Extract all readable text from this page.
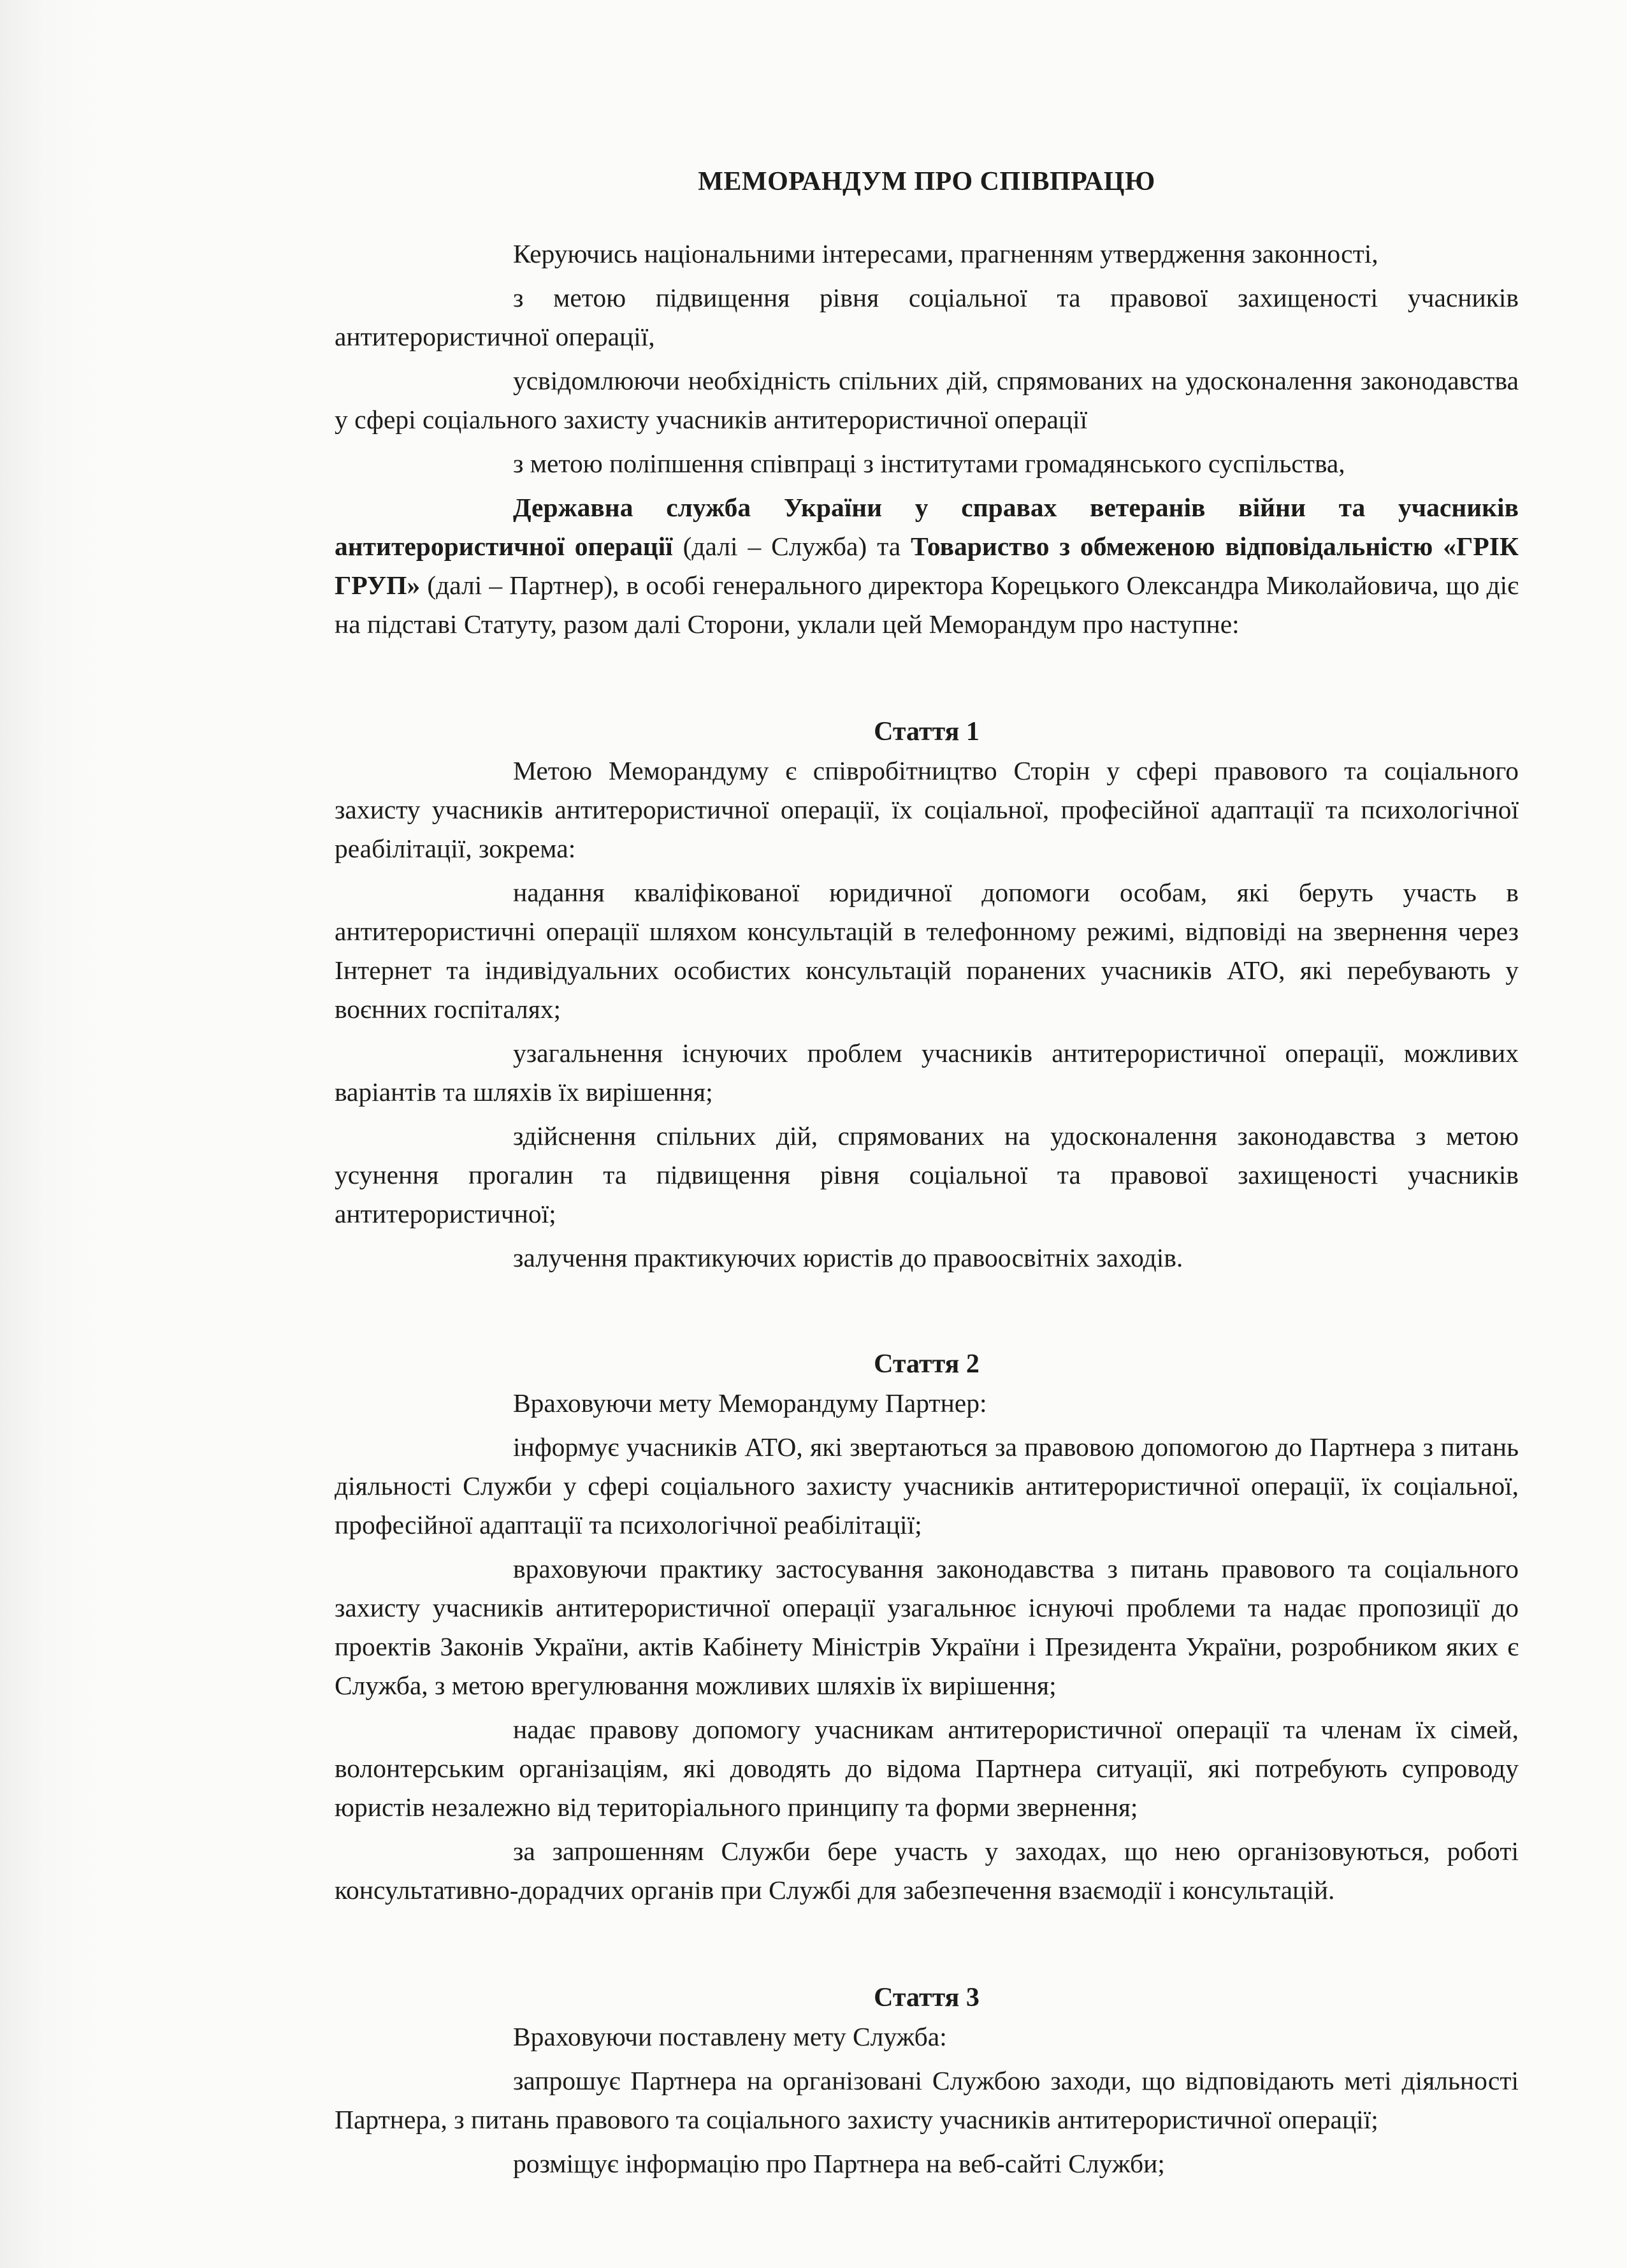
МЕМОРАНДУМ ПРО СПІВПРАЦЮ

Керуючись національними інтересами, прагненням утвердження законності,

з метою підвищення рівня соціальної та правової захищеності учасників антитерористичної операції,

усвідомлюючи необхідність спільних дій, спрямованих на удосконалення законодавства у сфері соціального захисту учасників антитерористичної операції

з метою поліпшення співпраці з інститутами громадянського суспільства,

Державна служба України у справах ветеранів війни та учасників антитерористичної операції (далі – Служба) та Товариство з обмеженою відповідальністю «ГРІК ГРУП» (далі – Партнер), в особі генерального директора Корецького Олександра Миколайовича, що діє на підставі Статуту, разом далі Сторони, уклали цей Меморандум про наступне:

Стаття 1

Метою Меморандуму є співробітництво Сторін у сфері правового та соціального захисту учасників антитерористичної операції, їх соціальної, професійної адаптації та психологічної реабілітації, зокрема:

надання кваліфікованої юридичної допомоги особам, які беруть участь в антитерористичні операції шляхом консультацій в телефонному режимі, відповіді на звернення через Інтернет та індивідуальних особистих консультацій поранених учасників АТО, які перебувають у воєнних госпіталях;

узагальнення існуючих проблем учасників антитерористичної операції, можливих варіантів та шляхів їх вирішення;

здійснення спільних дій, спрямованих на удосконалення законодавства з метою усунення прогалин та підвищення рівня соціальної та правової захищеності учасників антитерористичної;

залучення практикуючих юристів до правоосвітніх заходів.

Стаття 2

Враховуючи мету Меморандуму Партнер:

інформує учасників АТО, які звертаються за правовою допомогою до Партнера з питань діяльності Служби у сфері соціального захисту учасників антитерористичної операції, їх соціальної, професійної адаптації та психологічної реабілітації;

враховуючи практику застосування законодавства з питань правового та соціального захисту учасників антитерористичної операції узагальнює існуючі проблеми та надає пропозиції до проектів Законів України, актів Кабінету Міністрів України і Президента України, розробником яких є Служба, з метою врегулювання можливих шляхів їх вирішення;

надає правову допомогу учасникам антитерористичної операції та членам їх сімей, волонтерським організаціям, які доводять до відома Партнера ситуації, які потребують супроводу юристів незалежно від територіального принципу та форми звернення;

за запрошенням Служби бере участь у заходах, що нею організовуються, роботі консультативно-дорадчих органів при Службі для забезпечення взаємодії і консультацій.

Стаття 3

Враховуючи поставлену мету Служба:

запрошує Партнера на організовані Службою заходи, що відповідають меті діяльності Партнера, з питань правового та соціального захисту учасників антитерористичної операції;

розміщує інформацію про Партнера на веб-сайті Служби;
